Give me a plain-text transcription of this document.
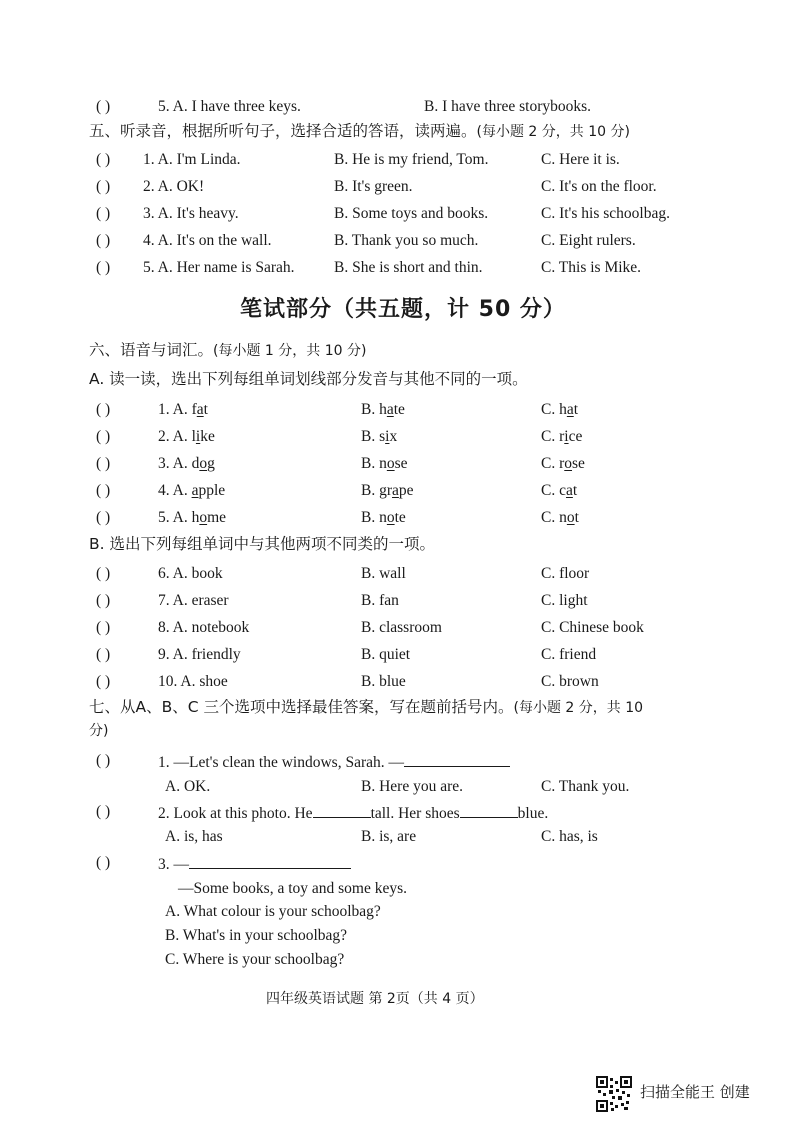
( )	5. A. I have three keys.	B. I have three storybooks.
五、听录音，根据所听句子，选择合适的答语，读两遍。(每小题 2 分，共 10 分)
( ) 1. A. I'm Linda.	B. He is my friend, Tom.	C. Here it is.
( ) 2. A. OK!	B. It's green.	C. It's on the floor.
( ) 3. A. It's heavy.	B. Some toys and books.	C. It's his schoolbag.
( ) 4. A. It's on the wall.	B. Thank you so much.	C. Eight rulers.
( ) 5. A. Her name is Sarah.	B. She is short and thin.	C. This is Mike.
笔试部分（共五题，计 50 分）
六、语音与词汇。(每小题 1 分，共 10 分)
A. 读一读，选出下列每组单词划线部分发音与其他不同的一项。
( )	1. A. fat	B. hate	C. hat
( )	2. A. like	B. six	C. rice
( )	3. A. dog	B. nose	C. rose
( )	4. A. apple	B. grape	C. cat
( )	5. A. home	B. note	C. not
B. 选出下列每组单词中与其他两项不同类的一项。
( )	6. A. book	B. wall	C. floor
( )	7. A. eraser	B. fan	C. light
( )	8. A. notebook	B. classroom	C. Chinese book
( )	9. A. friendly	B. quiet	C. friend
( )	10. A. shoe	B. blue	C. brown
七、从A、B、C 三个选项中选择最佳答案，写在题前括号内。(每小题 2 分，共 10
分)
( )	1. —Let's clean the windows, Sarah. —
A. OK.	B. Here you are.	C. Thank you.
( )	2. Look at this photo. He	tall. Her shoes	blue.
A. is, has	B. is, are	C. has, is
( )	3. —
—Some books, a toy and some keys.
A. What colour is your schoolbag?
B. What's in your schoolbag?
C. Where is your schoolbag?
四年级英语试题 第 2页（共 4 页）
扫描全能王 创建
